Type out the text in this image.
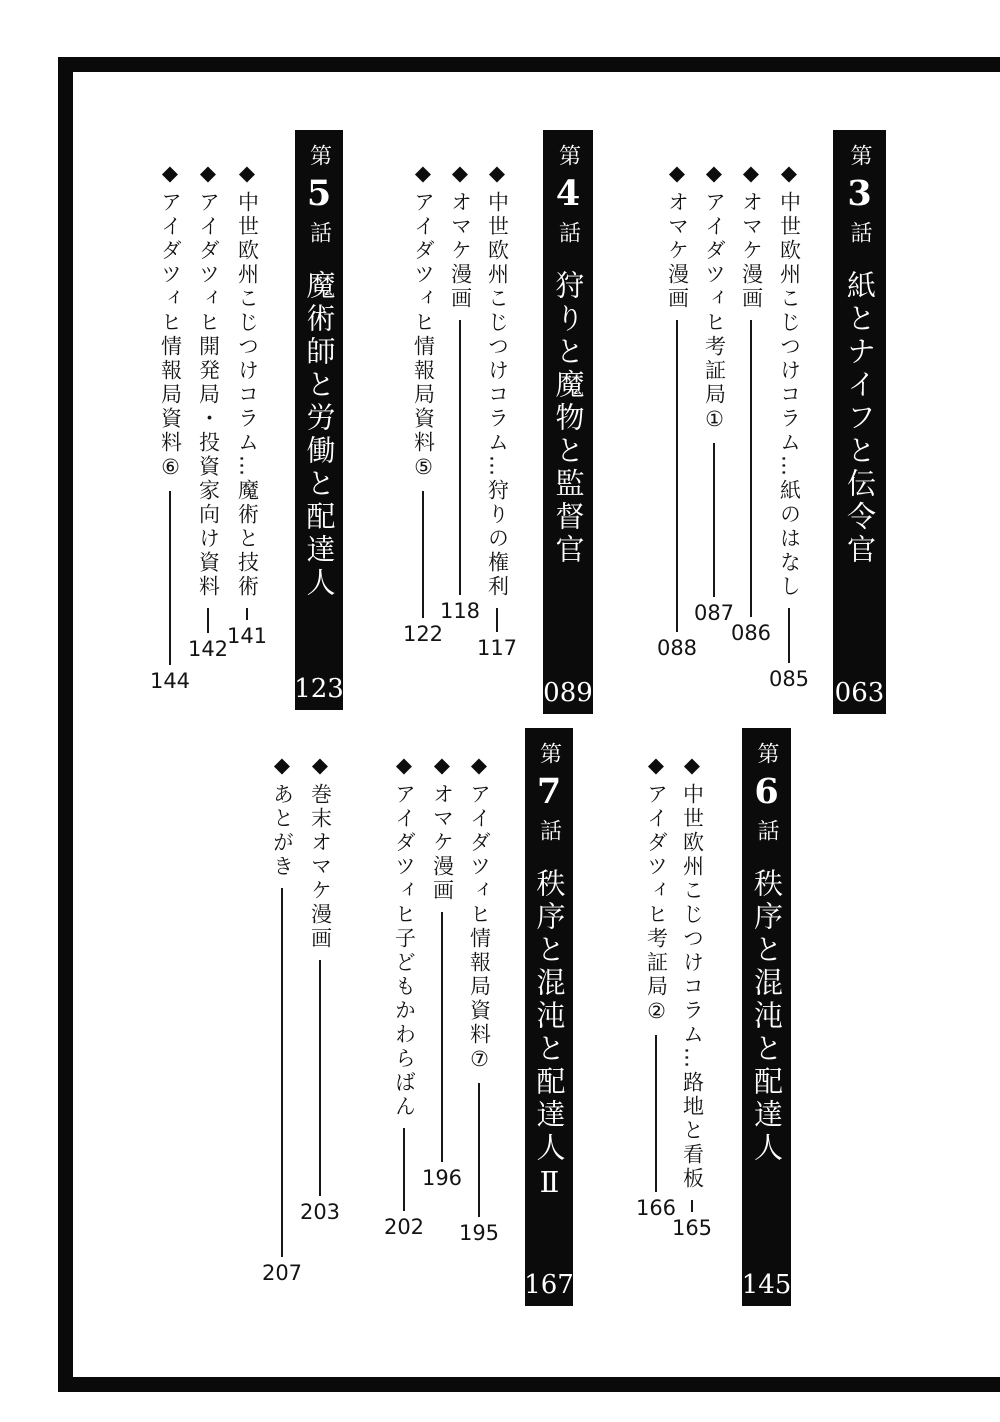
第3話
紙とナイフと伝令官
063
◆
中世欧州こじつけコラム…紙のはなし
085
◆
オマケ漫画
086
◆
アイダツィヒ考証局①
087
◆
オマケ漫画
088
第4話
狩りと魔物と監督官
089
◆
中世欧州こじつけコラム…狩りの権利
117
◆
オマケ漫画
118
◆
アイダツィヒ情報局資料⑤
122
第5話
魔術師と労働と配達人
123
◆
中世欧州こじつけコラム…魔術と技術
141
◆
アイダツィヒ開発局・投資家向け資料
142
◆
アイダツィヒ情報局資料⑥
144
第6話
秩序と混沌と配達人
145
◆
中世欧州こじつけコラム…路地と看板
165
◆
アイダツィヒ考証局②
166
第7話
秩序と混沌と配達人Ⅱ
167
◆
アイダツィヒ情報局資料⑦
195
◆
オマケ漫画
196
◆
アイダツィヒ子どもかわらばん
202
◆
巻末オマケ漫画
203
◆
あとがき
207
